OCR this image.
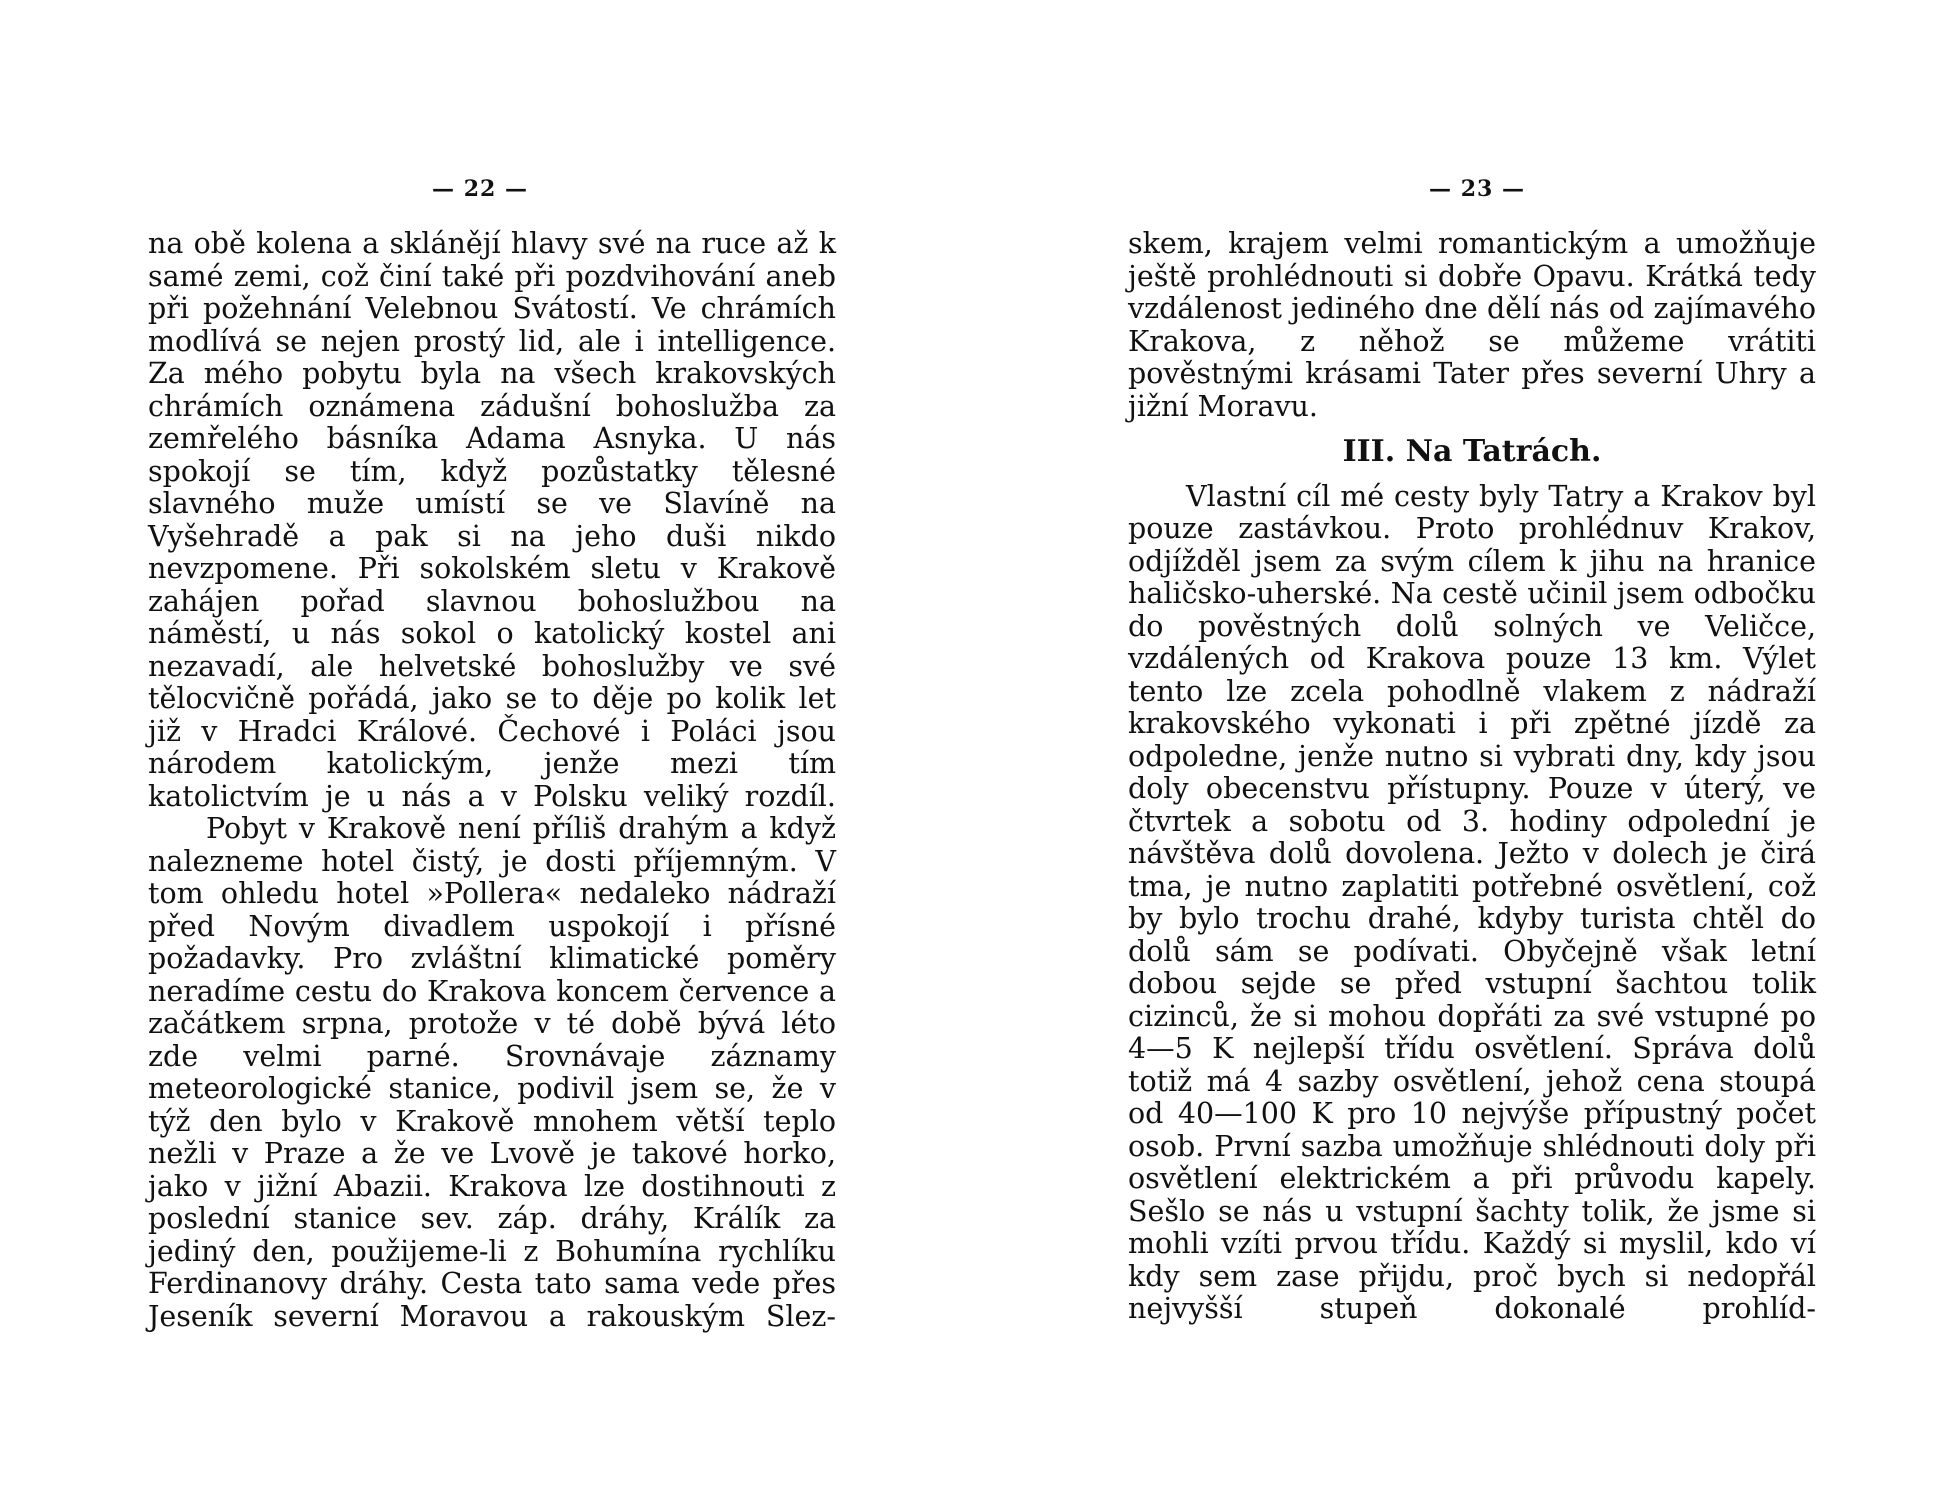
— 22 —	— 23 —

na obě kolena a sklánějí hlavy své na ruce až k samé zemi, což činí také při pozdvihování aneb při požehnání Velebnou Svátostí. Ve chrámích modlívá se nejen prostý lid, ale i intelligence. Za mého pobytu byla na všech krakovských chrámích oznámena zádušní bohoslužba za zemřelého básníka Adama Asnyka. U nás spokojí se tím, když pozůstatky tělesné slavného muže umístí se ve Slavíně na Vyšehradě a pak si na jeho duši nikdo nevzpomene. Při sokolském sletu v Krakově zahájen pořad slavnou bohoslužbou na náměstí, u nás sokol o katolický kostel ani nezavadí, ale helvetské bohoslužby ve své tělocvičně pořádá, jako se to děje po kolik let již v Hradci Králové. Čechové i Poláci jsou národem katolickým, jenže mezi tím katolictvím je u nás a v Polsku veliký rozdíl.

Pobyt v Krakově není příliš drahým a když nalezneme hotel čistý, je dosti příjemným. V tom ohledu hotel »Pollera« nedaleko nádraží před Novým divadlem uspokojí i přísné požadavky. Pro zvláštní klimatické poměry neradíme cestu do Krakova koncem července a začátkem srpna, protože v té době bývá léto zde velmi parné. Srovnávaje záznamy meteorologické stanice, podivil jsem se, že v týž den bylo v Krakově mnohem větší teplo nežli v Praze a že ve Lvově je takové horko, jako v jižní Abazii. Krakova lze dostihnouti z poslední stanice sev. záp. dráhy, Králík za jediný den, použijeme-li z Bohumína rychlíku Ferdinanovy dráhy. Cesta tato sama vede přes Jeseník severní Moravou a rakouským Slez-

skem, krajem velmi romantickým a umožňuje ještě prohlédnouti si dobře Opavu. Krátká tedy vzdálenost jediného dne dělí nás od zajímavého Krakova, z něhož se můžeme vrátiti pověstnými krásami Tater přes severní Uhry a jižní Moravu.

III. Na Tatrách.

Vlastní cíl mé cesty byly Tatry a Krakov byl pouze zastávkou. Proto prohlédnuv Krakov, odjížděl jsem za svým cílem k jihu na hranice haličsko-uherské. Na cestě učinil jsem odbočku do pověstných dolů solných ve Veličce, vzdálených od Krakova pouze 13 km. Výlet tento lze zcela pohodlně vlakem z nádraží krakovského vykonati i při zpětné jízdě za odpoledne, jenže nutno si vybrati dny, kdy jsou doly obecenstvu přístupny. Pouze v úterý, ve čtvrtek a sobotu od 3. hodiny odpolední je návštěva dolů dovolena. Ježto v dolech je čirá tma, je nutno zaplatiti potřebné osvětlení, což by bylo trochu drahé, kdyby turista chtěl do dolů sám se podívati. Obyčejně však letní dobou sejde se před vstupní šachtou tolik cizinců, že si mohou dopřáti za své vstupné po 4—5 K nejlepší třídu osvětlení. Správa dolů totiž má 4 sazby osvětlení, jehož cena stoupá od 40—100 K pro 10 nejvýše přípustný počet osob. První sazba umožňuje shlédnouti doly při osvětlení elektrickém a při průvodu kapely. Sešlo se nás u vstupní šachty tolik, že jsme si mohli vzíti prvou třídu. Každý si myslil, kdo ví kdy sem zase přijdu, proč bych si nedopřál nejvyšší stupeň dokonalé prohlíd-
